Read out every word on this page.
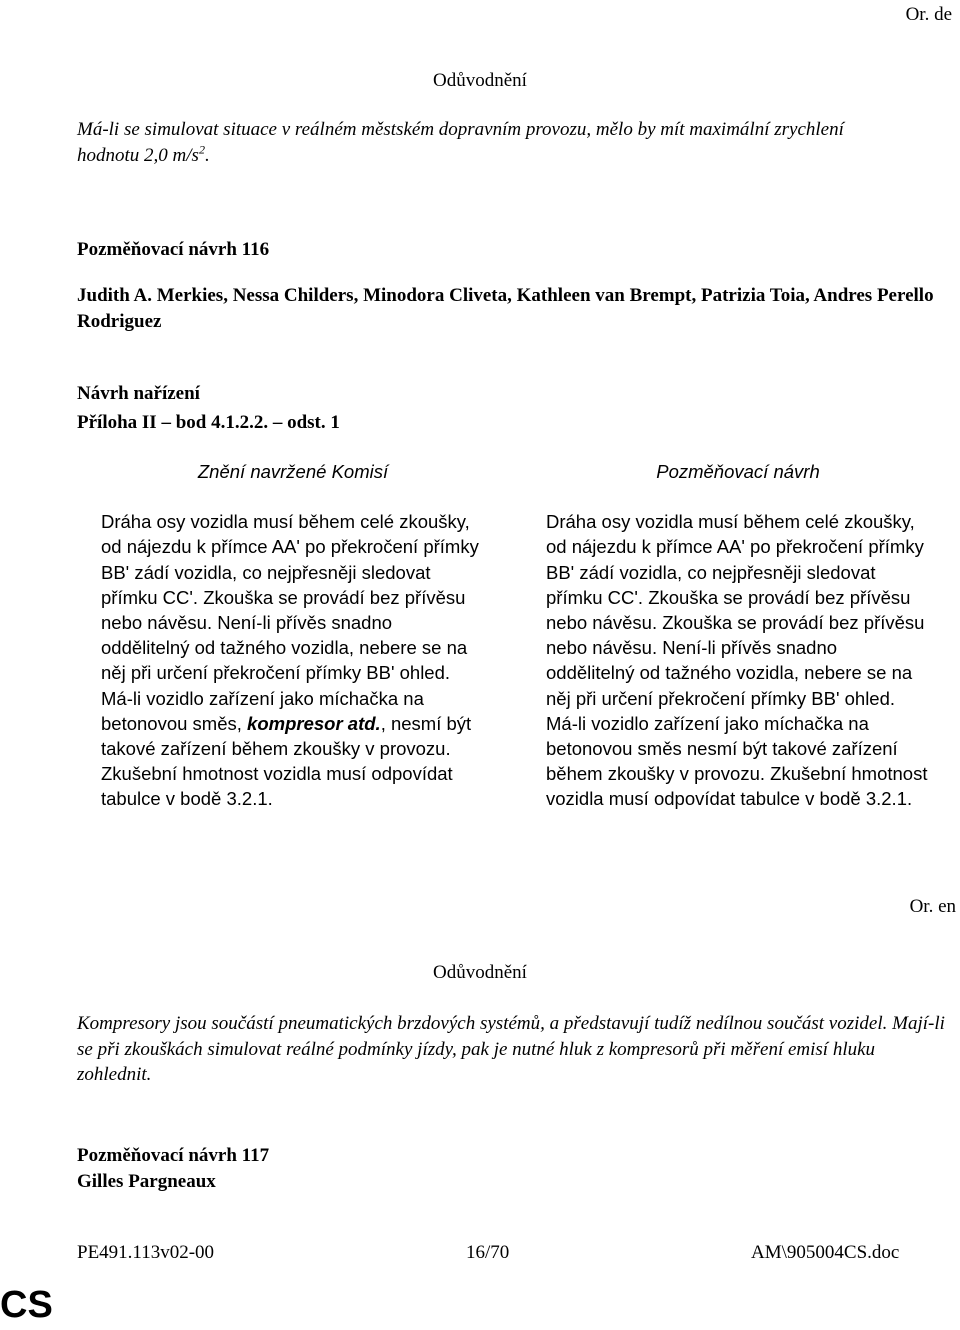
Or. de
Odůvodnění
Má-li se simulovat situace v reálném městském dopravním provozu, mělo by mít maximální zrychlení hodnotu 2,0 $m/s^2$.
Pozměňovací návrh 116
Judith A. Merkies, Nessa Childers, Minodora Cliveta, Kathleen van Brempt, Patrizia Toia, Andres Perello Rodriguez
Návrh nařízení
Příloha II – bod 4.1.2.2. – odst. 1
Znění navržené Komisí
Dráha osy vozidla musí během celé zkoušky, od nájezdu k přímce AA' po překročení přímky BB' zádí vozidla, co nejpřesněji sledovat přímku CC'. Zkouška se provádí bez přívěsu nebo návěsu. Není-li přívěs snadno oddělitelný od tažného vozidla, nebere se na něj při určení překročení přímky BB' ohled. Má-li vozidlo zařízení jako míchačka na betonovou směs, kompresor atd., nesmí být takové zařízení během zkoušky v provozu. Zkušební hmotnost vozidla musí odpovídat tabulce v bodě 3.2.1.
Pozměňovací návrh
Dráha osy vozidla musí během celé zkoušky, od nájezdu k přímce AA' po překročení přímky BB' zádí vozidla, co nejpřesněji sledovat přímku CC'. Zkouška se provádí bez přívěsu nebo návěsu. Zkouška se provádí bez přívěsu nebo návěsu. Není-li přívěs snadno oddělitelný od tažného vozidla, nebere se na něj při určení překročení přímky BB' ohled. Má-li vozidlo zařízení jako míchačka na betonovou směs nesmí být takové zařízení během zkoušky v provozu. Zkušební hmotnost vozidla musí odpovídat tabulce v bodě 3.2.1.
Or. en
Odůvodnění
Kompresory jsou součástí pneumatických brzdových systémů, a představují tudíž nedílnou součást vozidel. Mají-li se při zkouškách simulovat reálné podmínky jízdy, pak je nutné hluk z kompresorů při měření emisí hluku zohlednit.
Pozměňovací návrh 117
Gilles Pargneaux
PE491.113v02-00	16/70	AM\905004CS.doc
CS
